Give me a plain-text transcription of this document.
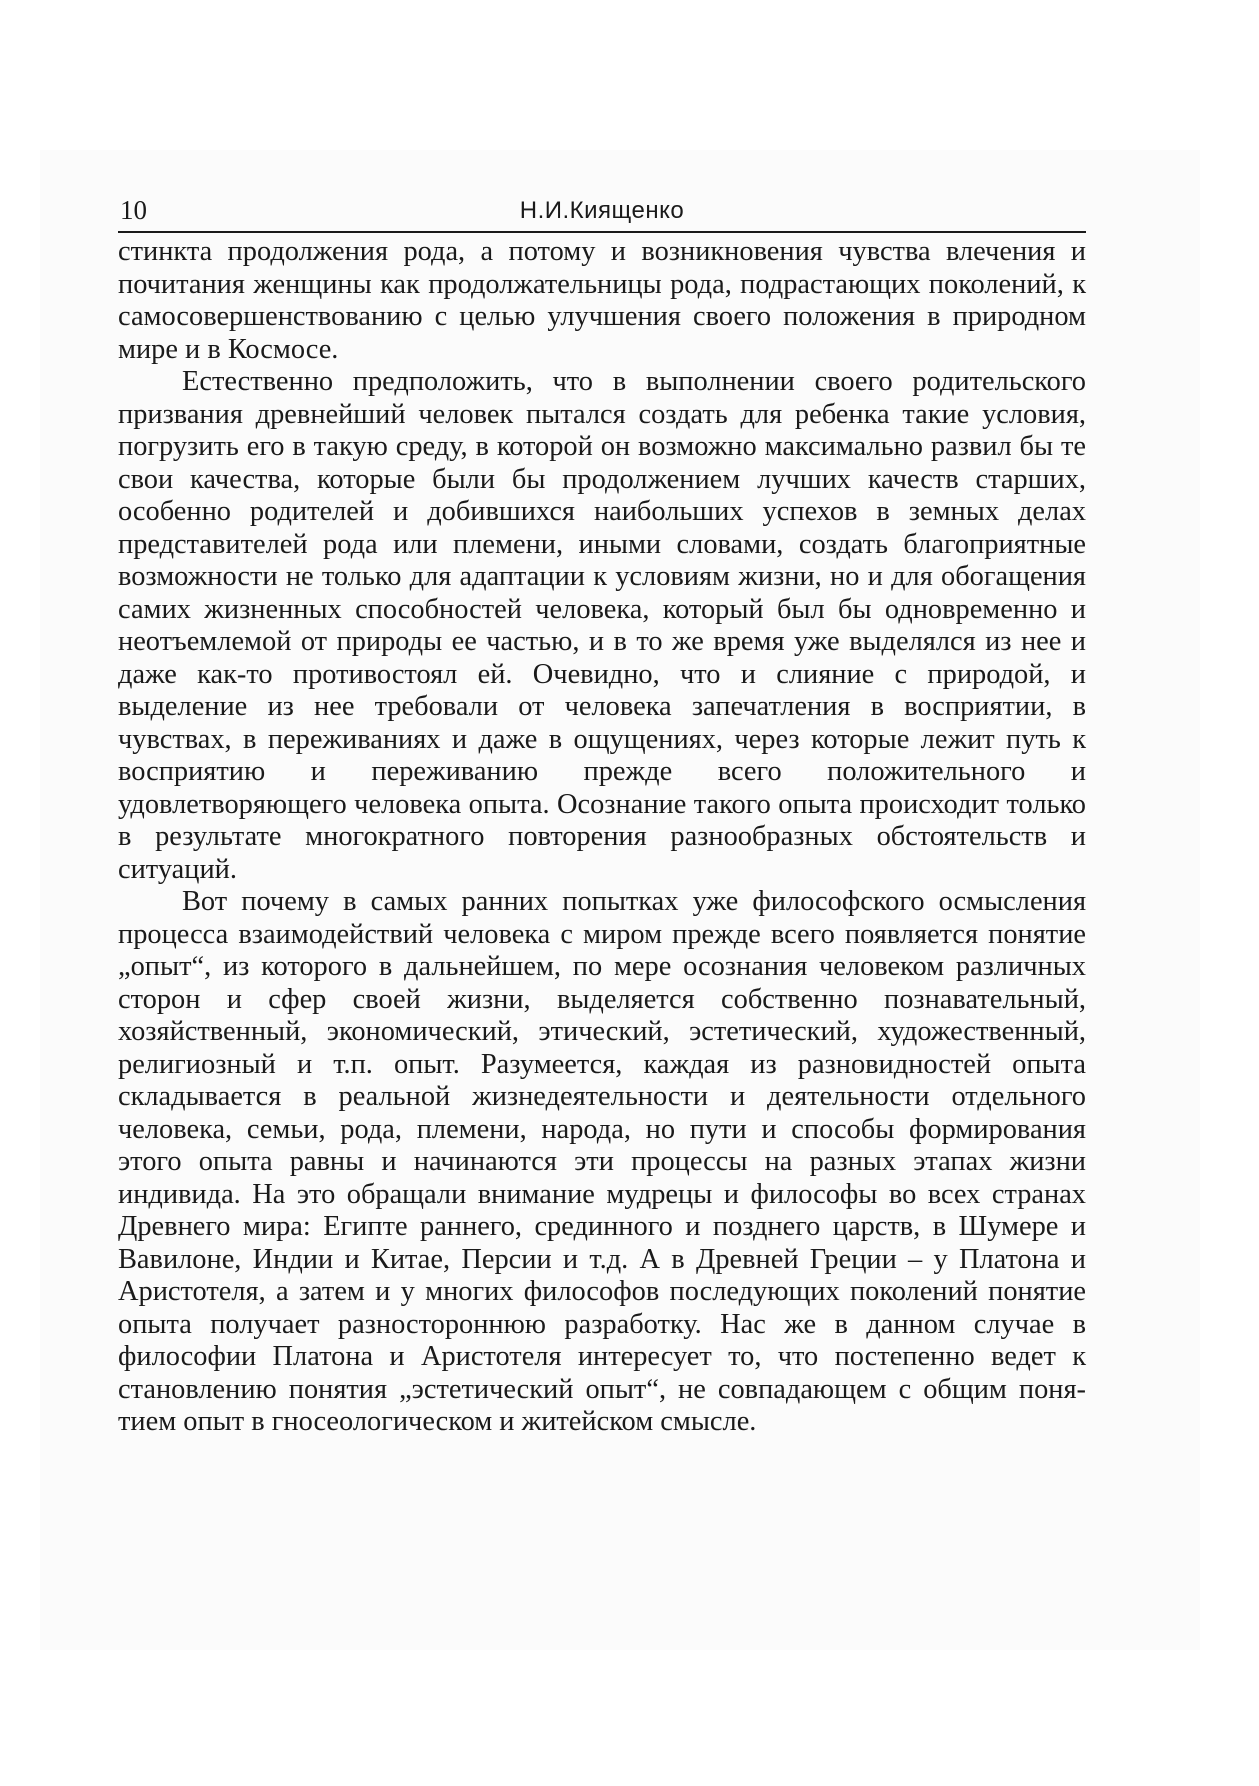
10	Н.И.Киященко

стинкта продолжения рода, а потому и возникновения чувства влечения и почитания женщины как продолжательницы рода, подрастающих поколений, к самосовершенствованию с целью улучшения своего положения в природном мире и в Космосе.

Естественно предположить, что в выполнении своего родительского призвания древнейший человек пытался создать для ребенка такие условия, погрузить его в такую среду, в которой он возможно максимально развил бы те свои качества, которые были бы продолжением лучших качеств старших, особенно родителей и добившихся наибольших успехов в земных делах представителей рода или племени, иными словами, создать благоприятные возможности не только для адаптации к условиям жизни, но и для обогащения самих жизненных способностей человека, который был бы одновременно и неотъемлемой от природы ее частью, и в то же время уже выделялся из нее и даже как-то противостоял ей. Очевидно, что и слияние с природой, и выделение из нее требовали от человека запечатления в восприятии, в чувствах, в переживаниях и даже в ощущениях, через которые лежит путь к восприятию и переживанию прежде всего положительного и удовлетворяющего человека опыта. Осознание такого опыта происходит только в результате многократного повторения разнообразных обстоятельств и ситуаций.

Вот почему в самых ранних попытках уже философского осмысления процесса взаимодействий человека с миром прежде всего появляется понятие „опыт“, из которого в дальнейшем, по мере осознания человеком различных сторон и сфер своей жизни, выделяется собственно познавательный, хозяйственный, экономический, этический, эстетический, художественный, религиозный и т.п. опыт. Разумеется, каждая из разновидностей опыта складывается в реальной жизнедеятельности и деятельности отдельного человека, семьи, рода, племени, народа, но пути и способы формирования этого опыта равны и начинаются эти процессы на разных этапах жизни индивида. На это обращали внимание мудрецы и философы во всех странах Древнего мира: Египте раннего, срединного и позднего царств, в Шумере и Вавилоне, Индии и Китае, Персии и т.д. А в Древней Греции – у Платона и Аристотеля, а затем и у многих философов последующих поколений понятие опыта получает разностороннюю разработку. Нас же в данном случае в философии Платона и Аристотеля интересует то, что постепенно ведет к становлению понятия „эстетический опыт“, не совпадающем с общим понятием опыт в гносеологическом и житейском смысле.
